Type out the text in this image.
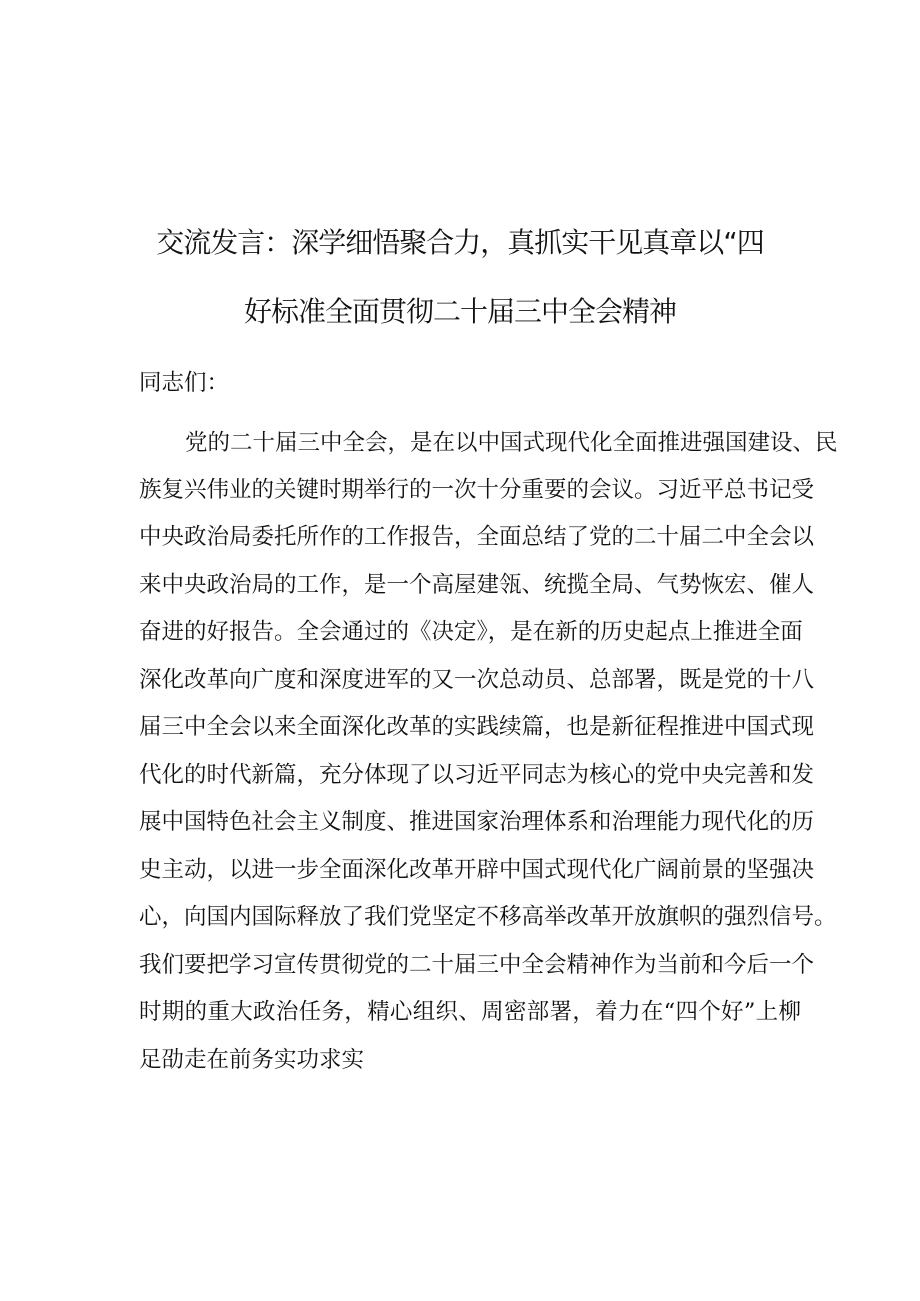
交流发言：深学细悟聚合力，真抓实干见真章以“四
好标准全面贯彻二十届三中全会精神
同志们：
党的二十届三中全会，是在以中国式现代化全面推进强国建设、民
族复兴伟业的关键时期举行的一次十分重要的会议。习近平总书记受
中央政治局委托所作的工作报告，全面总结了党的二十届二中全会以
来中央政治局的工作，是一个高屋建瓴、统揽全局、气势恢宏、催人
奋进的好报告。全会通过的《决定》，是在新的历史起点上推进全面
深化改革向广度和深度进军的又一次总动员、总部署，既是党的十八
届三中全会以来全面深化改革的实践续篇，也是新征程推进中国式现
代化的时代新篇，充分体现了以习近平同志为核心的党中央完善和发
展中国特色社会主义制度、推进国家治理体系和治理能力现代化的历
史主动，以进一步全面深化改革开辟中国式现代化广阔前景的坚强决
心，向国内国际释放了我们党坚定不移高举改革开放旗帜的强烈信号。
我们要把学习宣传贯彻党的二十届三中全会精神作为当前和今后一个
时期的重大政治任务，精心组织、周密部署，着力在“四个好”上柳
足劭走在前务实功求实
